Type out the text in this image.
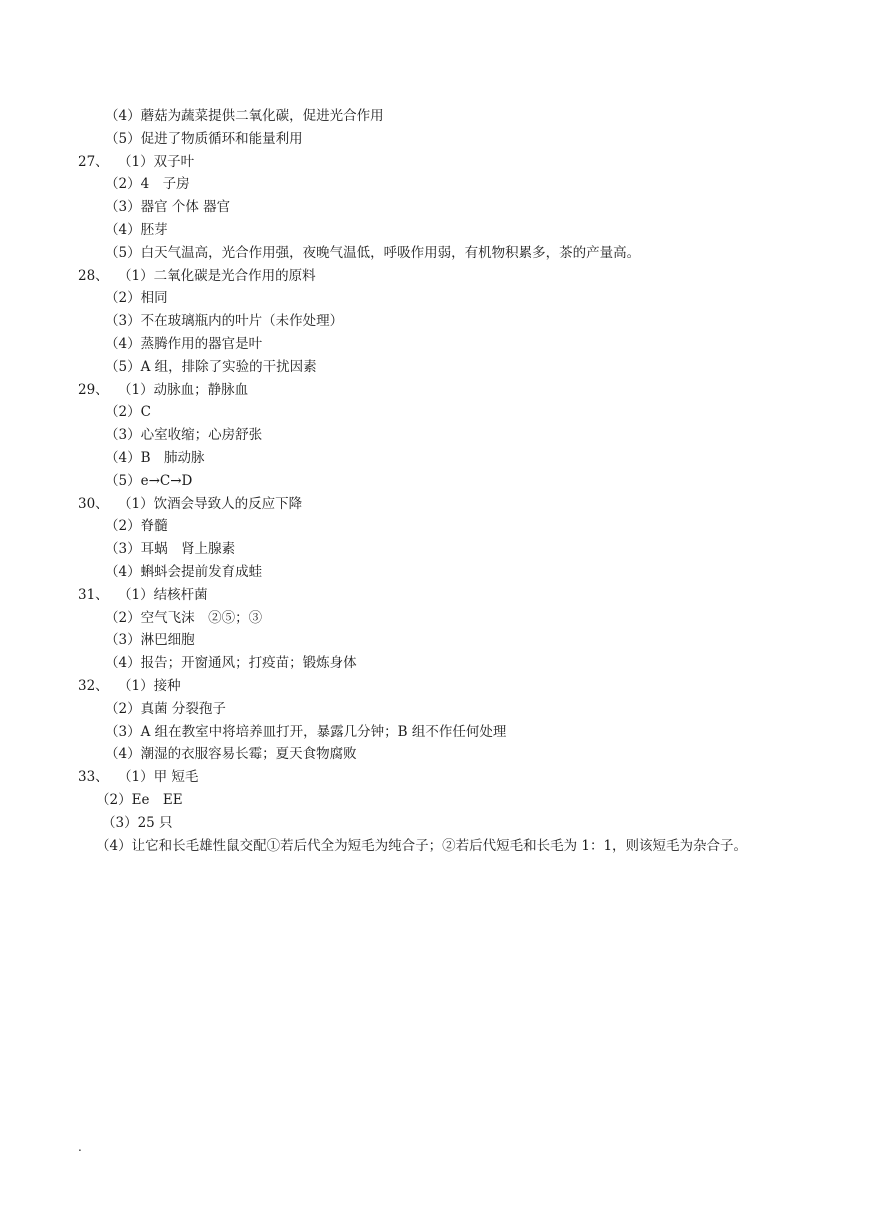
（4）蘑菇为蔬菜提供二氧化碳，促进光合作用
（5）促进了物质循环和能量利用
27、 （1）双子叶
（2）4　子房
（3）器官 个体 器官
（4）胚芽
（5）白天气温高，光合作用强，夜晚气温低，呼吸作用弱，有机物积累多，茶的产量高。
28、 （1）二氧化碳是光合作用的原料
（2）相同
（3）不在玻璃瓶内的叶片（未作处理）
（4）蒸腾作用的器官是叶
（5）A 组，排除了实验的干扰因素
29、 （1）动脉血；静脉血
（2）C
（3）心室收缩；心房舒张
（4）B　肺动脉
（5）e→C→D
30、 （1）饮酒会导致人的反应下降
（2）脊髓
（3）耳蜗　肾上腺素
（4）蝌蚪会提前发育成蛙
31、 （1）结核杆菌
（2）空气飞沫　②⑤；③
（3）淋巴细胞
（4）报告；开窗通风；打疫苗；锻炼身体
32、 （1）接种
（2）真菌 分裂孢子
（3）A 组在教室中将培养皿打开，暴露几分钟；B 组不作任何处理
（4）潮湿的衣服容易长霉；夏天食物腐败
33、 （1）甲 短毛
（2）Ee　EE
（3）25 只
（4）让它和长毛雄性鼠交配①若后代全为短毛为纯合子；②若后代短毛和长毛为 1：1，则该短毛为杂合子。
.
